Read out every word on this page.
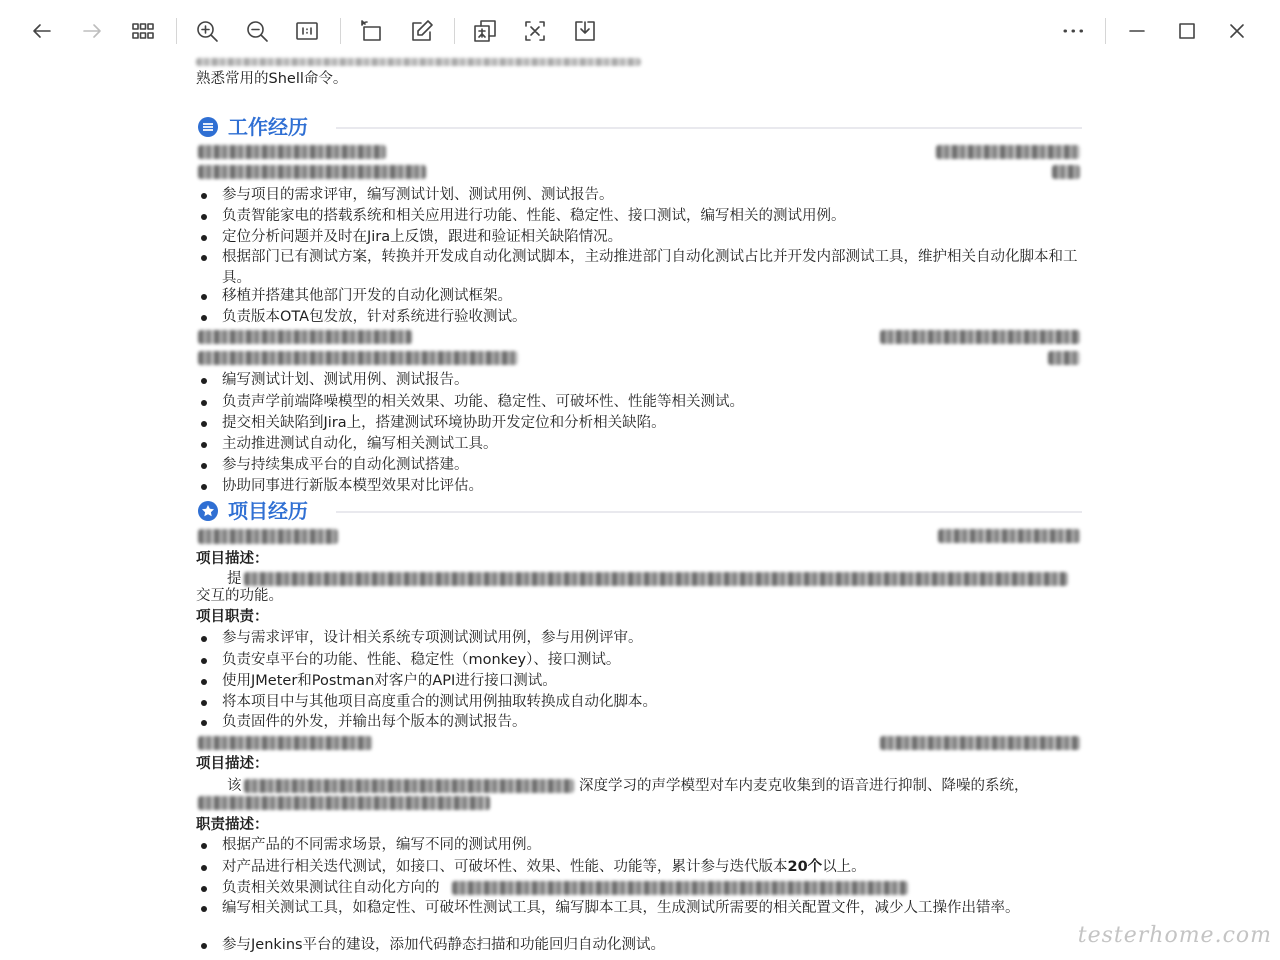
熟悉常用的Shell命令。
工作经历
参与项目的需求评审，编写测试计划、测试用例、测试报告。
负责智能家电的搭载系统和相关应用进行功能、性能、稳定性、接口测试，编写相关的测试用例。
定位分析问题并及时在Jira上反馈，跟进和验证相关缺陷情况。
根据部门已有测试方案，转换并开发成自动化测试脚本，主动推进部门自动化测试占比并开发内部测试工具，维护相关自动化脚本和工具。
移植并搭建其他部门开发的自动化测试框架。
负责版本OTA包发放，针对系统进行验收测试。
编写测试计划、测试用例、测试报告。
负责声学前端降噪模型的相关效果、功能、稳定性、可破坏性、性能等相关测试。
提交相关缺陷到Jira上，搭建测试环境协助开发定位和分析相关缺陷。
主动推进测试自动化，编写相关测试工具。
参与持续集成平台的自动化测试搭建。
协助同事进行新版本模型效果对比评估。
项目经历
项目描述：
提
交互的功能。
项目职责：
参与需求评审，设计相关系统专项测试测试用例，参与用例评审。
负责安卓平台的功能、性能、稳定性（monkey）、接口测试。
使用JMeter和Postman对客户的API进行接口测试。
将本项目中与其他项目高度重合的测试用例抽取转换成自动化脚本。
负责固件的外发，并输出每个版本的测试报告。
项目描述：
该	深度学习的声学模型对车内麦克收集到的语音进行抑制、降噪的系统，
职责描述：
根据产品的不同需求场景，编写不同的测试用例。
对产品进行相关迭代测试，如接口、可破坏性、效果、性能、功能等，累计参与迭代版本20个以上。
负责相关效果测试往自动化方向的
编写相关测试工具，如稳定性、可破坏性测试工具，编写脚本工具，生成测试所需要的相关配置文件，减少人工操作出错率。
参与Jenkins平台的建设，添加代码静态扫描和功能回归自动化测试。	testerhome.com
